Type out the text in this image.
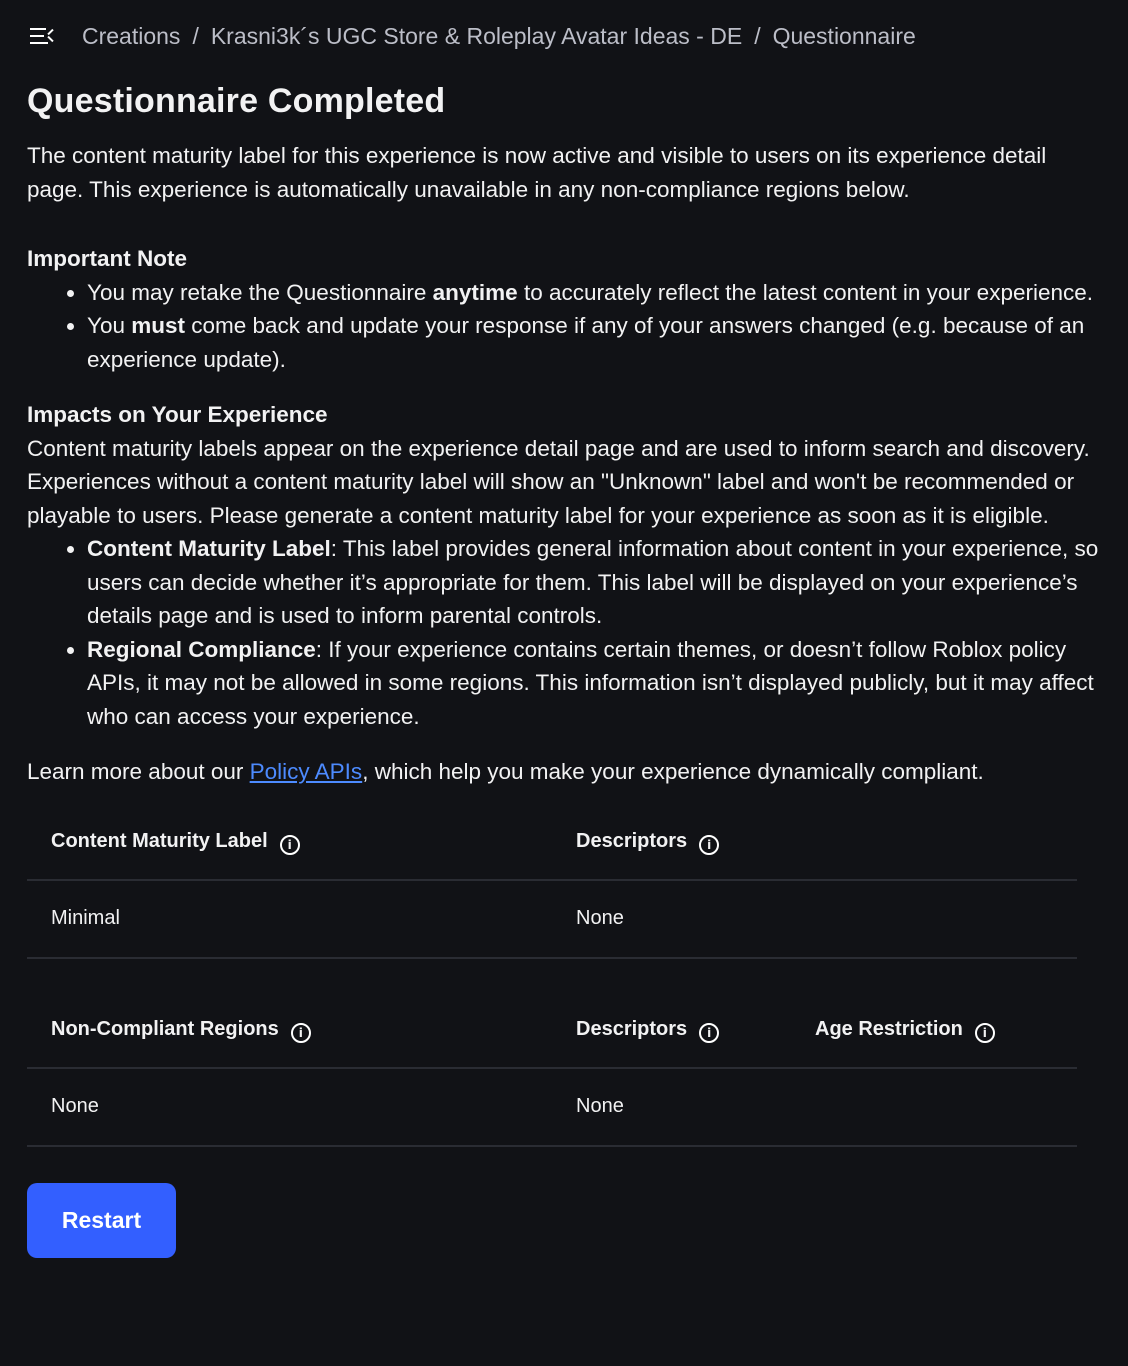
Creations / Krasni3k´s UGC Store & Roleplay Avatar Ideas - DE / Questionnaire
Questionnaire Completed

The content maturity label for this experience is now active and visible to users on its experience detail page. This experience is automatically unavailable in any non-compliance regions below.

Important Note
• You may retake the Questionnaire anytime to accurately reflect the latest content in your experience.
• You must come back and update your response if any of your answers changed (e.g. because of an experience update).
Impacts on Your Experience

Content maturity labels appear on the experience detail page and are used to inform search and discovery. Experiences without a content maturity label will show an "Unknown" label and won't be recommended or playable to users. Please generate a content maturity label for your experience as soon as it is eligible.

• Content Maturity Label: This label provides general information about content in your experience, so users can decide whether it’s appropriate for them. This label will be displayed on your experience’s details page and is used to inform parental controls.
• Regional Compliance: If your experience contains certain themes, or doesn’t follow Roblox policy APIs, it may not be allowed in some regions. This information isn’t displayed publicly, but it may affect who can access your experience.

Learn more about our Policy APIs, which help you make your experience dynamically compliant.

Content Maturity Label i	Descriptors i
Minimal	None
Non-Compliant Regions i	Descriptors i	Age Restriction i
None	None	
Restart
